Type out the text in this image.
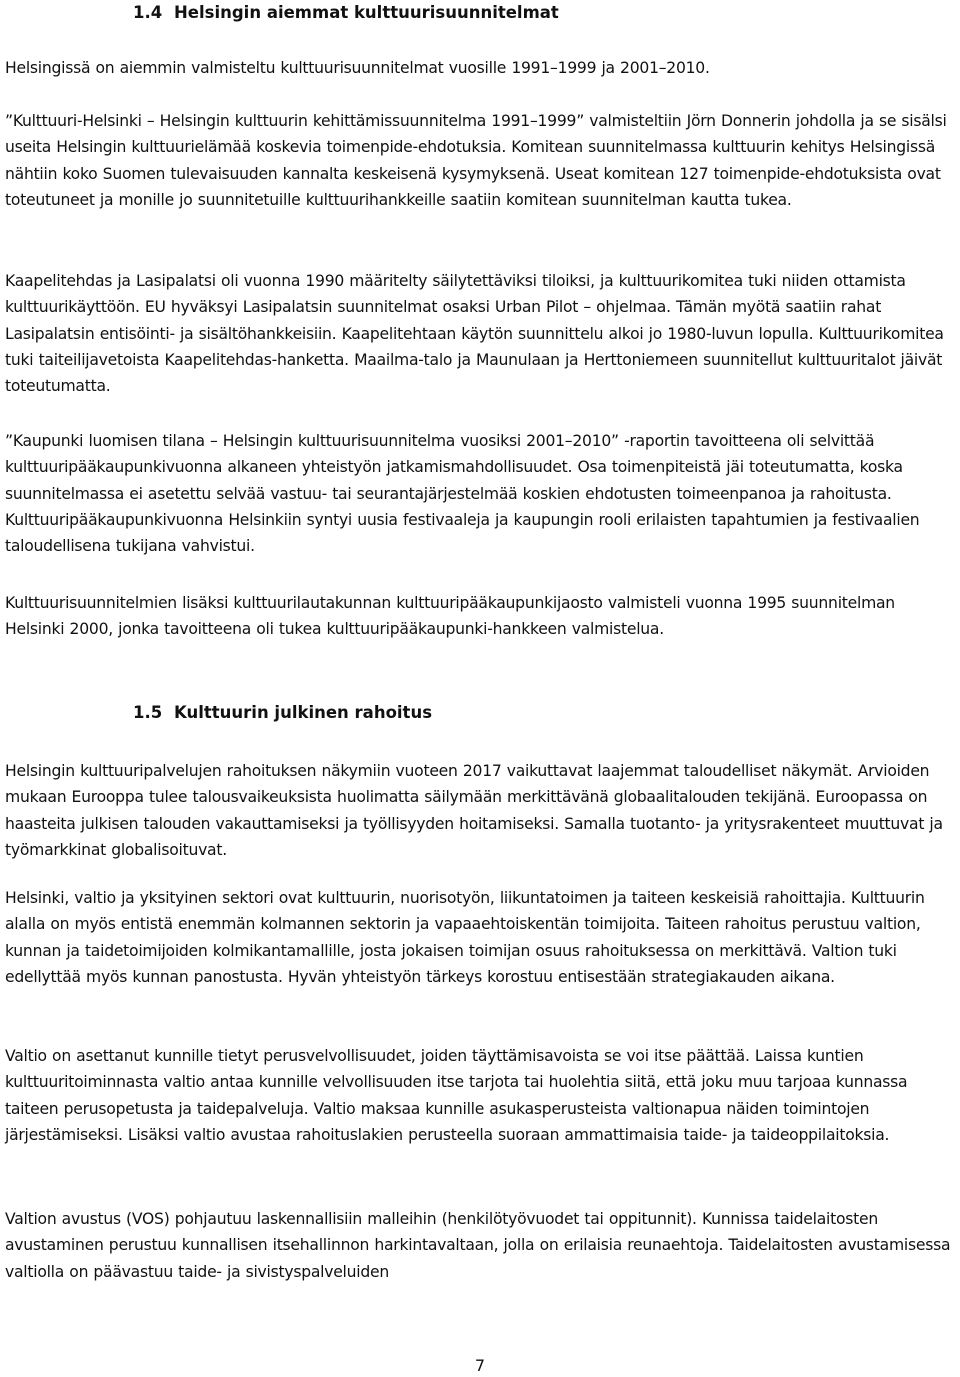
1.4 Helsingin aiemmat kulttuurisuunnitelmat

Helsingissä on aiemmin valmisteltu kulttuurisuunnitelmat vuosille 1991–1999 ja 2001–2010.

”Kulttuuri-Helsinki – Helsingin kulttuurin kehittämissuunnitelma 1991–1999” valmisteltiin Jörn Donnerin johdolla ja se sisälsi useita Helsingin kulttuurielämää koskevia toimenpide-ehdotuksia. Komitean suunnitelmassa kulttuurin kehitys Helsingissä nähtiin koko Suomen tulevaisuuden kannalta keskeisenä kysymyksenä. Useat komitean 127 toimenpide-ehdotuksista ovat toteutuneet ja monille jo suunnitetuille kulttuurihankkeille saatiin komitean suunnitelman kautta tukea.

Kaapelitehdas ja Lasipalatsi oli vuonna 1990 määritelty säilytettäviksi tiloiksi, ja kulttuurikomitea tuki niiden ottamista kulttuurikäyttöön. EU hyväksyi Lasipalatsin suunnitelmat osaksi Urban Pilot – ohjelmaa. Tämän myötä saatiin rahat Lasipalatsin entisöinti- ja sisältöhankkeisiin. Kaapelitehtaan käytön suunnittelu alkoi jo 1980-luvun lopulla. Kulttuurikomitea tuki taiteilijavetoista Kaapelitehdas-hanketta. Maailma-talo ja Maunulaan ja Herttoniemeen suunnitellut kulttuuritalot jäivät toteutumatta.

”Kaupunki luomisen tilana – Helsingin kulttuurisuunnitelma vuosiksi 2001–2010” -raportin tavoitteena oli selvittää kulttuuripääkaupunkivuonna alkaneen yhteistyön jatkamismahdollisuudet. Osa toimenpiteistä jäi toteutumatta, koska suunnitelmassa ei asetettu selvää vastuu- tai seurantajärjestelmää koskien ehdotusten toimeenpanoa ja rahoitusta. Kulttuuripääkaupunkivuonna Helsinkiin syntyi uusia festivaaleja ja kaupungin rooli erilaisten tapahtumien ja festivaalien taloudellisena tukijana vahvistui.

Kulttuurisuunnitelmien lisäksi kulttuurilautakunnan kulttuuripääkaupunkijaosto valmisteli vuonna 1995 suunnitelman Helsinki 2000, jonka tavoitteena oli tukea kulttuuripääkaupunki-hankkeen valmistelua.

1.5 Kulttuurin julkinen rahoitus

Helsingin kulttuuripalvelujen rahoituksen näkymiin vuoteen 2017 vaikuttavat laajemmat taloudelliset näkymät. Arvioiden mukaan Eurooppa tulee talousvaikeuksista huolimatta säilymään merkittävänä globaalitalouden tekijänä. Euroopassa on haasteita julkisen talouden vakauttamiseksi ja työllisyyden hoitamiseksi. Samalla tuotanto- ja yritysrakenteet muuttuvat ja työmarkkinat globalisoituvat.

Helsinki, valtio ja yksityinen sektori ovat kulttuurin, nuorisotyön, liikuntatoimen ja taiteen keskeisiä rahoittajia. Kulttuurin alalla on myös entistä enemmän kolmannen sektorin ja vapaaehtoiskentän toimijoita. Taiteen rahoitus perustuu valtion, kunnan ja taidetoimijoiden kolmikantamallille, josta jokaisen toimijan osuus rahoituksessa on merkittävä. Valtion tuki edellyttää myös kunnan panostusta. Hyvän yhteistyön tärkeys korostuu entisestään strategiakauden aikana.

Valtio on asettanut kunnille tietyt perusvelvollisuudet, joiden täyttämisavoista se voi itse päättää. Laissa kuntien kulttuuritoiminnasta valtio antaa kunnille velvollisuuden itse tarjota tai huolehtia siitä, että joku muu tarjoaa kunnassa taiteen perusopetusta ja taidepalveluja. Valtio maksaa kunnille asukasperusteista valtionapua näiden toimintojen järjestämiseksi. Lisäksi valtio avustaa rahoituslakien perusteella suoraan ammattimaisia taide- ja taideoppilaitoksia.

Valtion avustus (VOS) pohjautuu laskennallisiin malleihin (henkilötyövuodet tai oppitunnit). Kunnissa taidelaitosten avustaminen perustuu kunnallisen itsehallinnon harkintavaltaan, jolla on erilaisia reunaehtoja. Taidelaitosten avustamisessa valtiolla on päävastuu taide- ja sivistyspalveluiden

7
